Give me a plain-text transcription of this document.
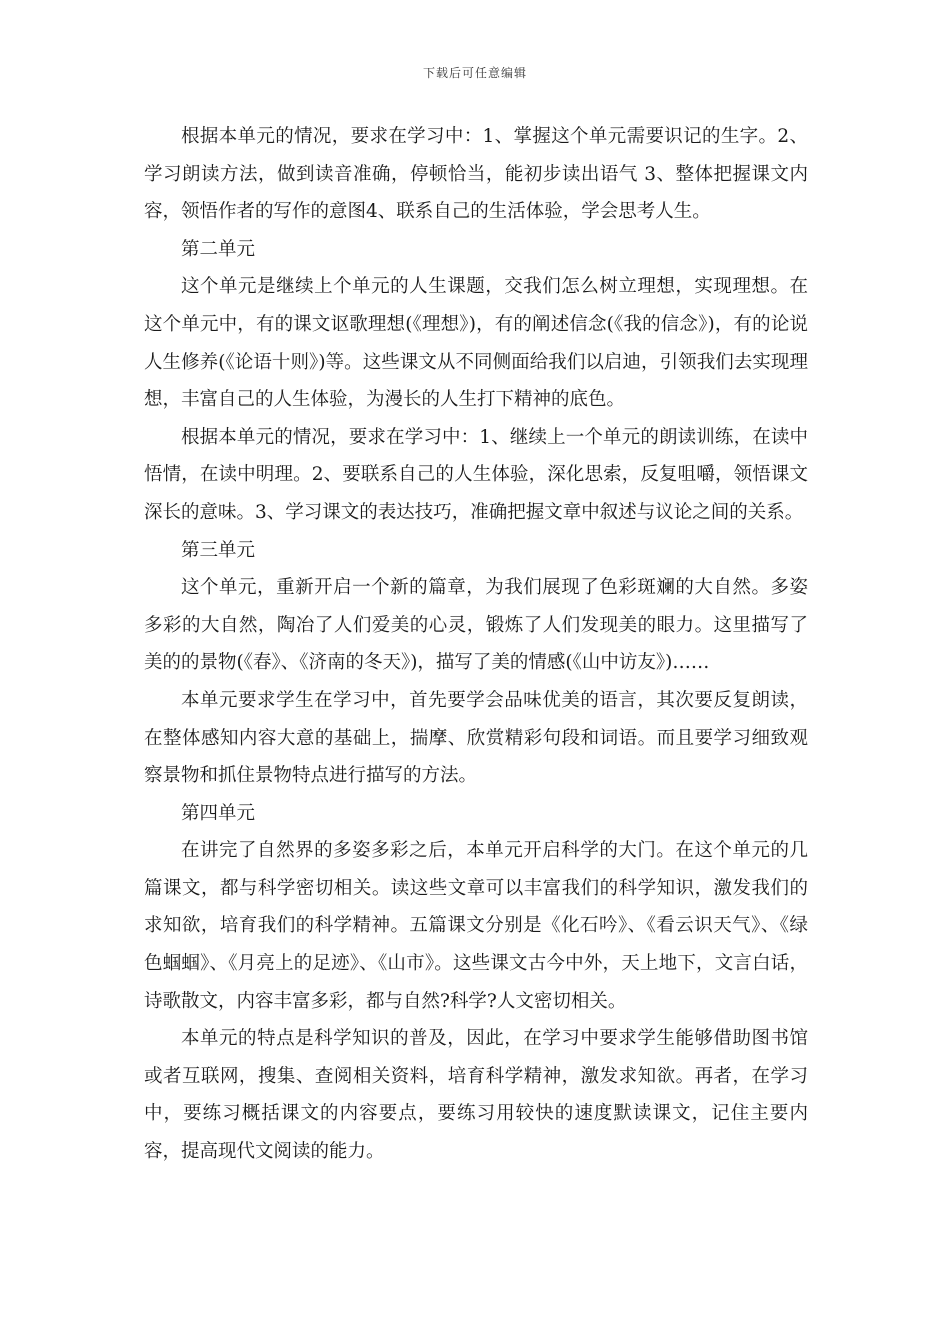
下载后可任意编辑

根据本单元的情况，要求在学习中：1、掌握这个单元需要识记的生字。2、学习朗读方法，做到读音准确，停顿恰当，能初步读出语气 3、整体把握课文内容，领悟作者的写作的意图4、联系自己的生活体验，学会思考人生。

第二单元

这个单元是继续上个单元的人生课题，交我们怎么树立理想，实现理想。在这个单元中，有的课文讴歌理想(《理想》)，有的阐述信念(《我的信念》)，有的论说人生修养(《论语十则》)等。这些课文从不同侧面给我们以启迪，引领我们去实现理想，丰富自己的人生体验，为漫长的人生打下精神的底色。

根据本单元的情况，要求在学习中：1、继续上一个单元的朗读训练，在读中悟情，在读中明理。2、要联系自己的人生体验，深化思索，反复咀嚼，领悟课文深长的意味。3、学习课文的表达技巧，准确把握文章中叙述与议论之间的关系。

第三单元

这个单元，重新开启一个新的篇章，为我们展现了色彩斑斓的大自然。多姿多彩的大自然，陶冶了人们爱美的心灵，锻炼了人们发现美的眼力。这里描写了美的的景物(《春》、《济南的冬天》)，描写了美的情感(《山中访友》)……

本单元要求学生在学习中，首先要学会品味优美的语言，其次要反复朗读，在整体感知内容大意的基础上，揣摩、欣赏精彩句段和词语。而且要学习细致观察景物和抓住景物特点进行描写的方法。

第四单元

在讲完了自然界的多姿多彩之后，本单元开启科学的大门。在这个单元的几篇课文，都与科学密切相关。读这些文章可以丰富我们的科学知识，激发我们的求知欲，培育我们的科学精神。五篇课文分别是《化石吟》、《看云识天气》、《绿色蝈蝈》、《月亮上的足迹》、《山市》。这些课文古今中外，天上地下，文言白话，诗歌散文，内容丰富多彩，都与自然?科学?人文密切相关。

本单元的特点是科学知识的普及，因此，在学习中要求学生能够借助图书馆或者互联网，搜集、查阅相关资料，培育科学精神，激发求知欲。再者，在学习中，要练习概括课文的内容要点，要练习用较快的速度默读课文，记住主要内容，提高现代文阅读的能力。
